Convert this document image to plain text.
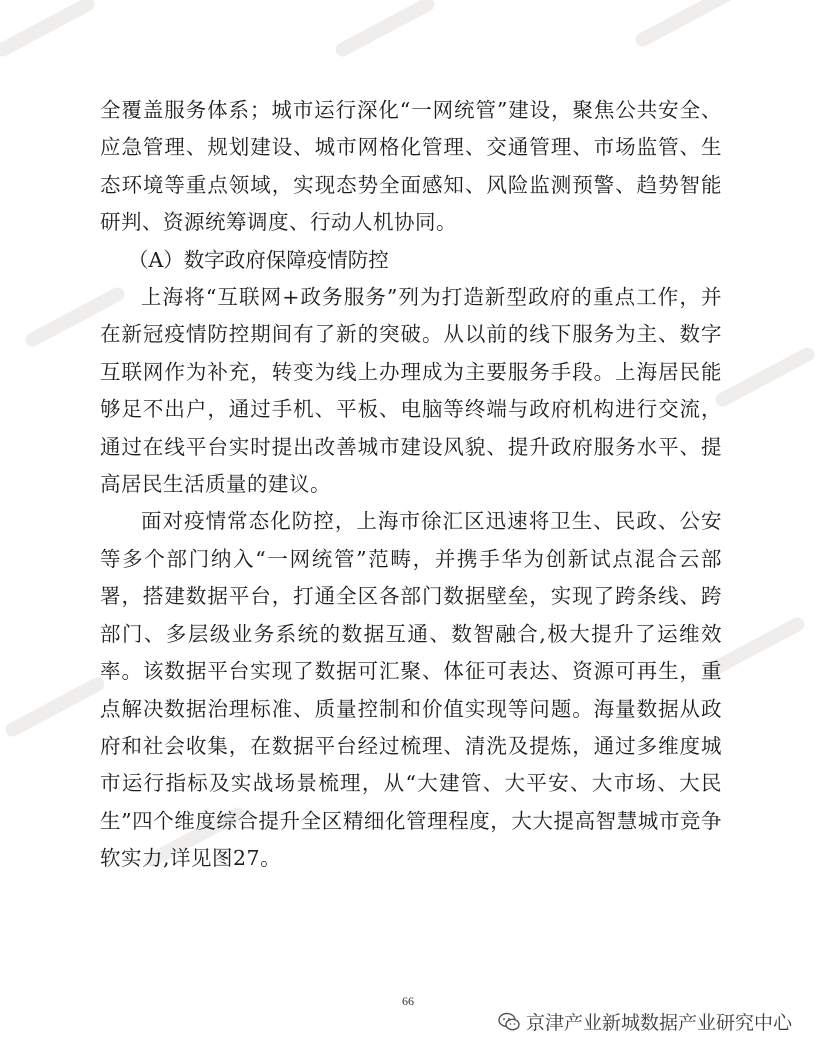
全覆盖服务体系；城市运行深化“一网统管”建设，聚焦公共安全、应急管理、规划建设、城市网格化管理、交通管理、市场监管、生态环境等重点领域，实现态势全面感知、风险监测预警、趋势智能研判、资源统筹调度、行动人机协同。

（A）数字政府保障疫情防控

上海将“互联网+政务服务”列为打造新型政府的重点工作，并在新冠疫情防控期间有了新的突破。从以前的线下服务为主、数字互联网作为补充，转变为线上办理成为主要服务手段。上海居民能够足不出户，通过手机、平板、电脑等终端与政府机构进行交流，通过在线平台实时提出改善城市建设风貌、提升政府服务水平、提高居民生活质量的建议。

面对疫情常态化防控，上海市徐汇区迅速将卫生、民政、公安等多个部门纳入“一网统管”范畴，并携手华为创新试点混合云部署，搭建数据平台，打通全区各部门数据壁垒，实现了跨条线、跨部门、多层级业务系统的数据互通、数智融合,极大提升了运维效率。该数据平台实现了数据可汇聚、体征可表达、资源可再生，重点解决数据治理标准、质量控制和价值实现等问题。海量数据从政府和社会收集，在数据平台经过梳理、清洗及提炼，通过多维度城市运行指标及实战场景梳理，从“大建管、大平安、大市场、大民生”四个维度综合提升全区精细化管理程度，大大提高智慧城市竞争软实力,详见图27。

66
京津产业新城数据产业研究中心
